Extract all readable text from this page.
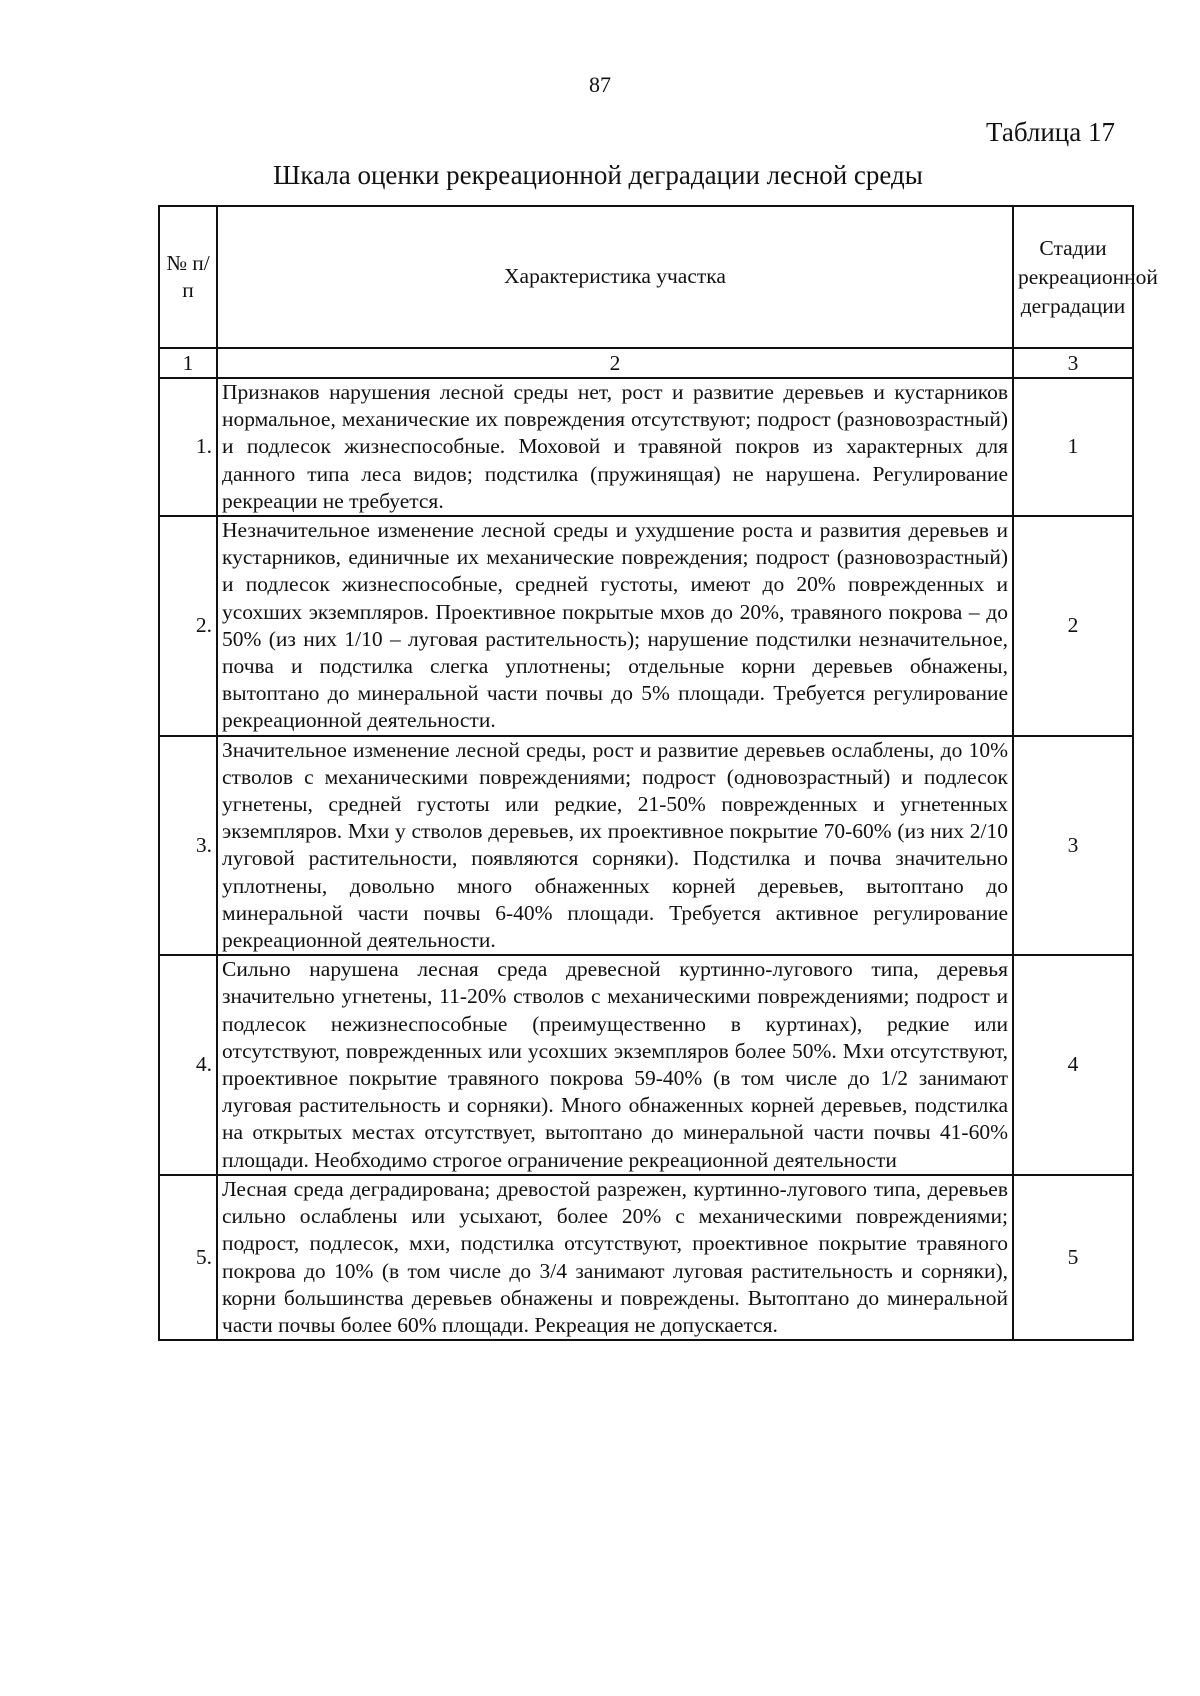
87
Таблица 17
Шкала оценки рекреационной деградации лесной среды
№ п/п	Характеристика участка	Стадии рекреационной деградации
1	2	3
1.	Признаков нарушения лесной среды нет, рост и развитие деревьев и кустарников нормальное, механические их повреждения отсутствуют; подрост (разновозрастный) и подлесок жизнеспособные. Моховой и травяной покров из характерных для данного типа леса видов; подстилка (пружинящая) не нарушена. Регулирование рекреации не требуется.	1
2.	Незначительное изменение лесной среды и ухудшение роста и развития деревьев и кустарников, единичные их механические повреждения; подрост (разновозрастный) и подлесок жизнеспособные, средней густоты, имеют до 20% поврежденных и усохших экземпляров. Проективное покрытые мхов до 20%, травяного покрова – до 50% (из них 1/10 – луговая растительность); нарушение подстилки незначительное, почва и подстилка слегка уплотнены; отдельные корни деревьев обнажены, вытоптано до минеральной части почвы до 5% площади. Требуется регулирование рекреационной деятельности.	2
3.	Значительное изменение лесной среды, рост и развитие деревьев ослаблены, до 10% стволов с механическими повреждениями; подрост (одновозрастный) и подлесок угнетены, средней густоты или редкие, 21-50% поврежденных и угнетенных экземпляров. Мхи у стволов деревьев, их проективное покрытие 70-60% (из них 2/10 луговой растительности, появляются сорняки). Подстилка и почва значительно уплотнены, довольно много обнаженных корней деревьев, вытоптано до минеральной части почвы 6-40% площади. Требуется активное регулирование рекреационной деятельности.	3
4.	Сильно нарушена лесная среда древесной куртинно-лугового типа, деревья значительно угнетены, 11-20% стволов с механическими повреждениями; подрост и подлесок нежизнеспособные (преимущественно в куртинах), редкие или отсутствуют, поврежденных или усохших экземпляров более 50%. Мхи отсутствуют, проективное покрытие травяного покрова 59-40% (в том числе до 1/2 занимают луговая растительность и сорняки). Много обнаженных корней деревьев, подстилка на открытых местах отсутствует, вытоптано до минеральной части почвы 41-60% площади. Необходимо строгое ограничение рекреационной деятельности	4
5.	Лесная среда деградирована; древостой разрежен, куртинно-лугового типа, деревьев сильно ослаблены или усыхают, более 20% с механическими повреждениями; подрост, подлесок, мхи, подстилка отсутствуют, проективное покрытие травяного покрова до 10% (в том числе до 3/4 занимают луговая растительность и сорняки), корни большинства деревьев обнажены и повреждены. Вытоптано до минеральной части почвы более 60% площади. Рекреация не допускается.	5
